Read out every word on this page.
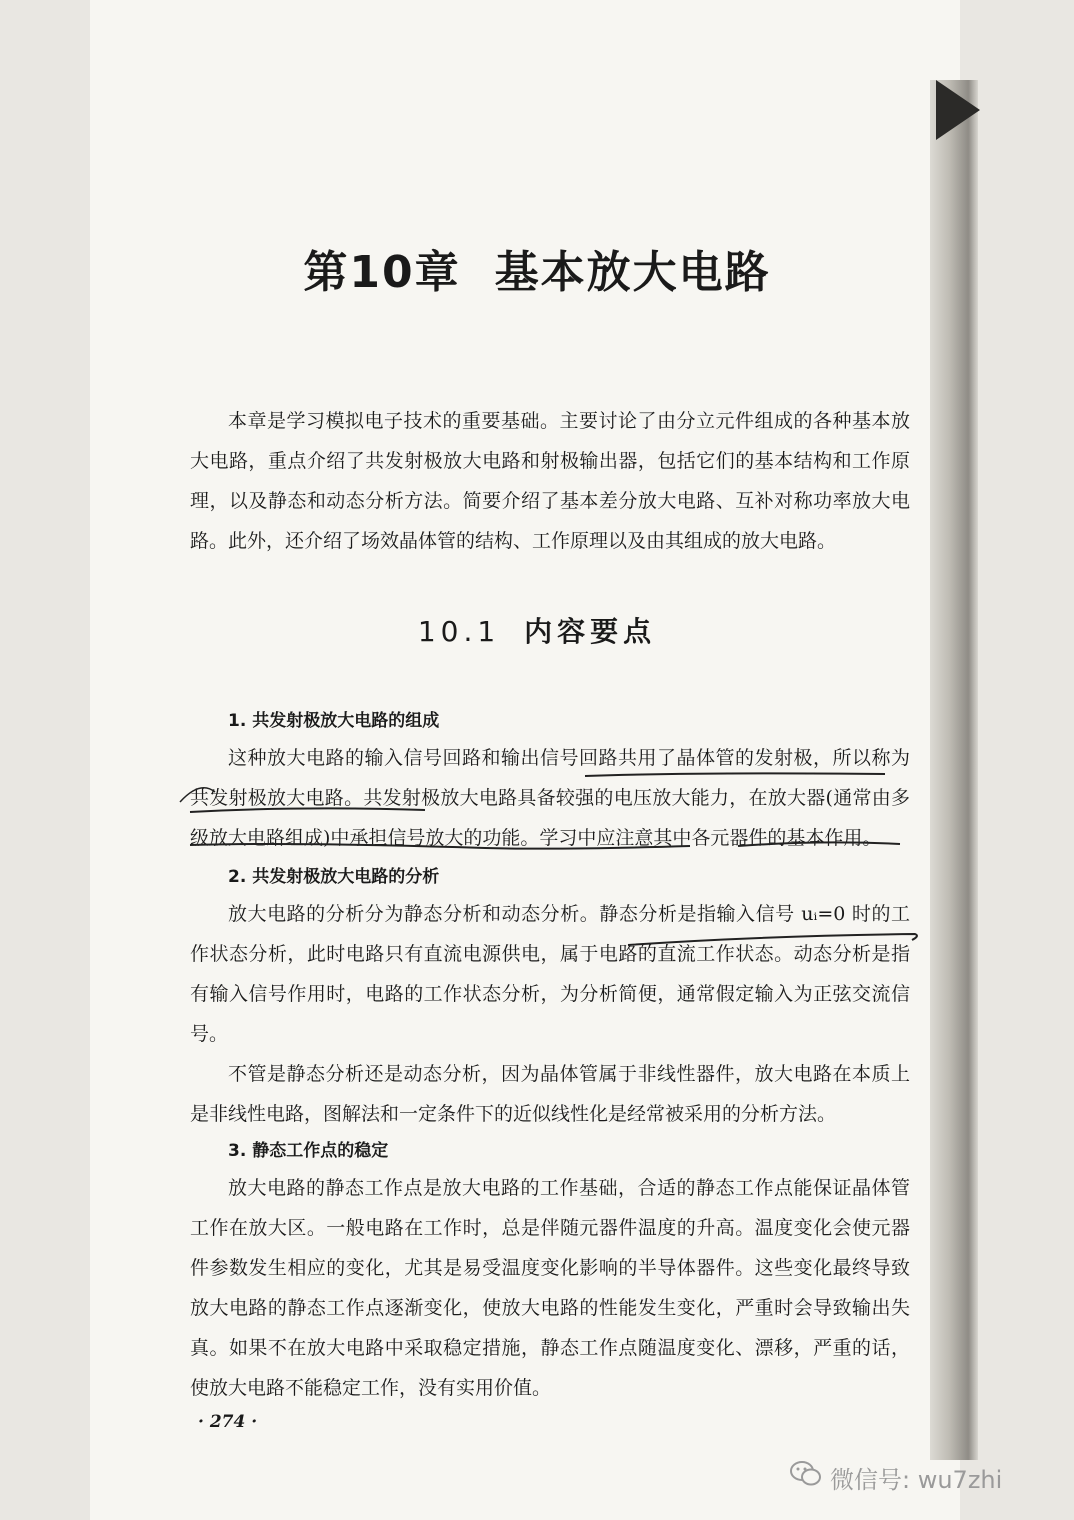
第10章 基本放大电路

本章是学习模拟电子技术的重要基础。主要讨论了由分立元件组成的各种基本放大电路，重点介绍了共发射极放大电路和射极输出器，包括它们的基本结构和工作原理，以及静态和动态分析方法。简要介绍了基本差分放大电路、互补对称功率放大电路。此外，还介绍了场效晶体管的结构、工作原理以及由其组成的放大电路。

10.1 内容要点
1. 共发射极放大电路的组成

这种放大电路的输入信号回路和输出信号回路共用了晶体管的发射极，所以称为共发射极放大电路。共发射极放大电路具备较强的电压放大能力，在放大器(通常由多级放大电路组成)中承担信号放大的功能。学习中应注意其中各元器件的基本作用。

2. 共发射极放大电路的分析

放大电路的分析分为静态分析和动态分析。静态分析是指输入信号 uᵢ=0 时的工作状态分析，此时电路只有直流电源供电，属于电路的直流工作状态。动态分析是指有输入信号作用时，电路的工作状态分析，为分析简便，通常假定输入为正弦交流信号。

不管是静态分析还是动态分析，因为晶体管属于非线性器件，放大电路在本质上是非线性电路，图解法和一定条件下的近似线性化是经常被采用的分析方法。

3. 静态工作点的稳定

放大电路的静态工作点是放大电路的工作基础，合适的静态工作点能保证晶体管工作在放大区。一般电路在工作时，总是伴随元器件温度的升高。温度变化会使元器件参数发生相应的变化，尤其是易受温度变化影响的半导体器件。这些变化最终导致放大电路的静态工作点逐渐变化，使放大电路的性能发生变化，严重时会导致输出失真。如果不在放大电路中采取稳定措施，静态工作点随温度变化、漂移，严重的话，使放大电路不能稳定工作，没有实用价值。

· 274 ·
微信号: wu7zhi
